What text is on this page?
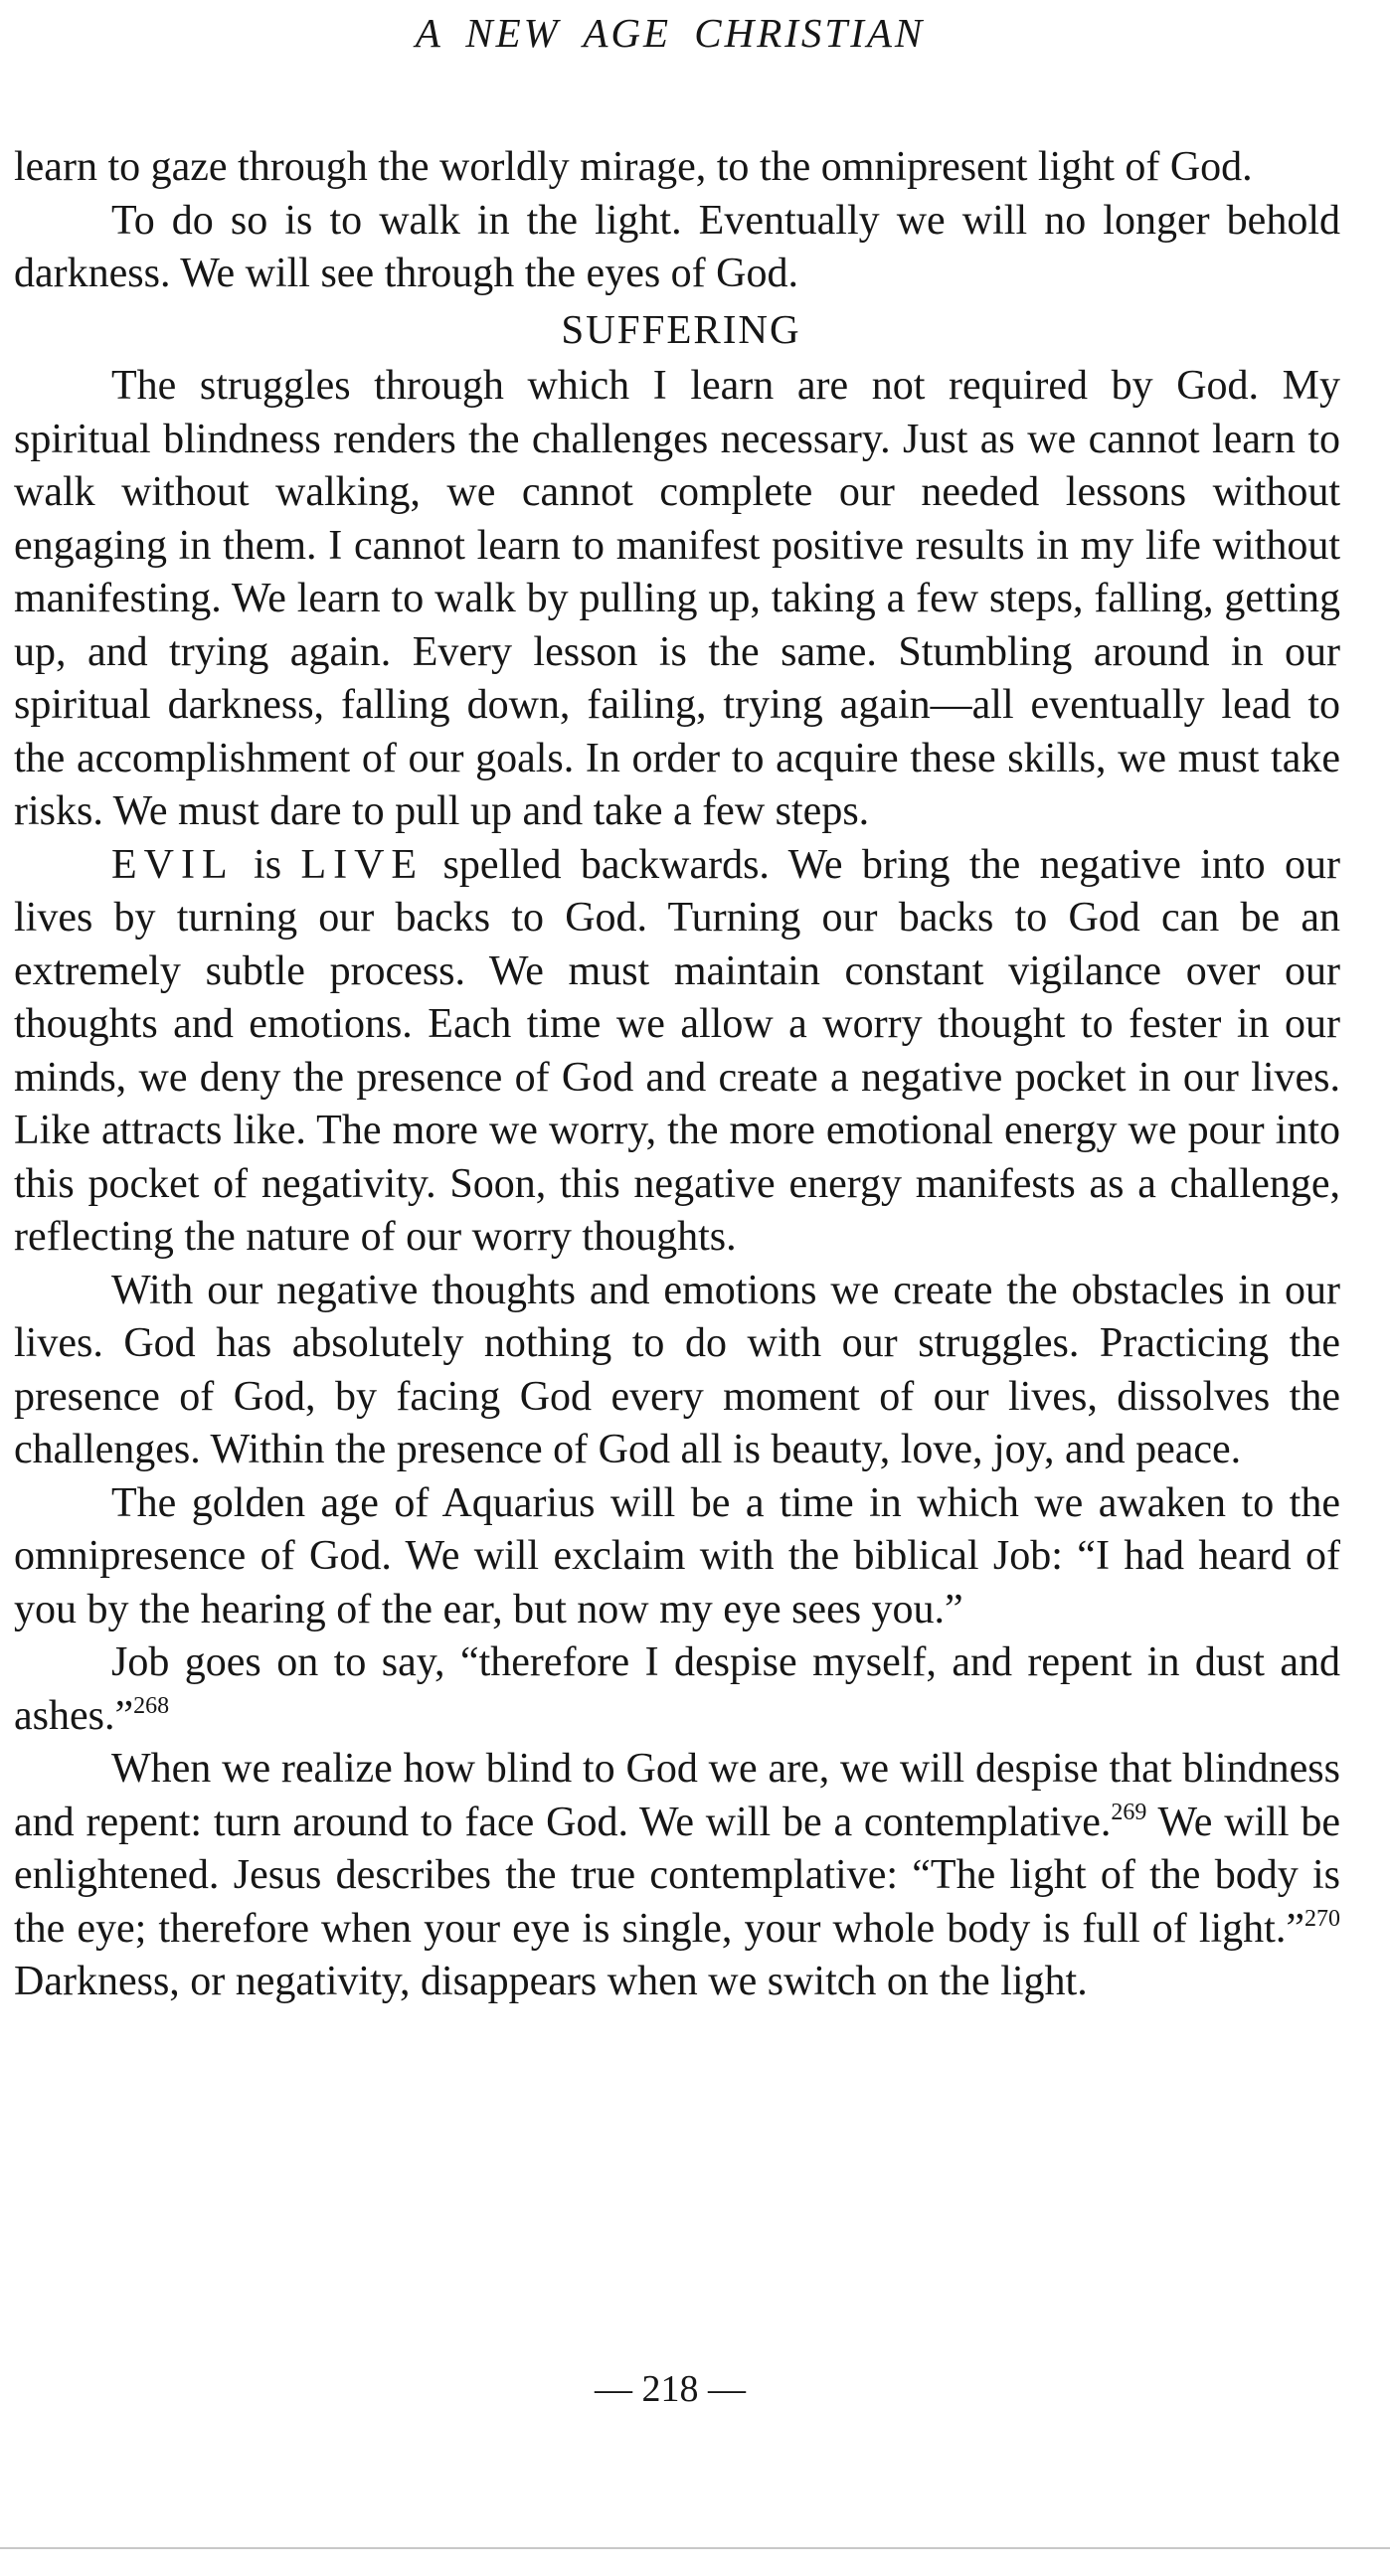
A NEW AGE CHRISTIAN

learn to gaze through the worldly mirage, to the omnipresent light of God.

To do so is to walk in the light. Eventually we will no longer behold darkness. We will see through the eyes of God.

SUFFERING

The struggles through which I learn are not required by God. My spiritual blindness renders the challenges necessary. Just as we cannot learn to walk without walking, we cannot complete our needed lessons without engaging in them. I cannot learn to manifest positive results in my life without manifesting. We learn to walk by pulling up, taking a few steps, falling, getting up, and trying again. Every lesson is the same. Stumbling around in our spiritual darkness, falling down, failing, trying again—all eventually lead to the accomplishment of our goals. In order to acquire these skills, we must take risks. We must dare to pull up and take a few steps.

EVIL is LIVE spelled backwards. We bring the negative into our lives by turning our backs to God. Turning our backs to God can be an extremely subtle process. We must maintain constant vigilance over our thoughts and emotions. Each time we allow a worry thought to fester in our minds, we deny the presence of God and create a negative pocket in our lives. Like attracts like. The more we worry, the more emotional energy we pour into this pocket of negativity. Soon, this negative energy manifests as a challenge, reflecting the nature of our worry thoughts.

With our negative thoughts and emotions we create the obstacles in our lives. God has absolutely nothing to do with our struggles. Practicing the presence of God, by facing God every moment of our lives, dissolves the challenges. Within the presence of God all is beauty, love, joy, and peace.

The golden age of Aquarius will be a time in which we awaken to the omnipresence of God. We will exclaim with the biblical Job: “I had heard of you by the hearing of the ear, but now my eye sees you.”

Job goes on to say, “therefore I despise myself, and repent in dust and ashes.”$^{268}$

When we realize how blind to God we are, we will despise that blindness and repent: turn around to face God. We will be a contemplative.$^{269}$ We will be enlightened. Jesus describes the true contemplative: “The light of the body is the eye; therefore when your eye is single, your whole body is full of light.”$^{270}$ Darkness, or negativity, disappears when we switch on the light.

— 218 —
